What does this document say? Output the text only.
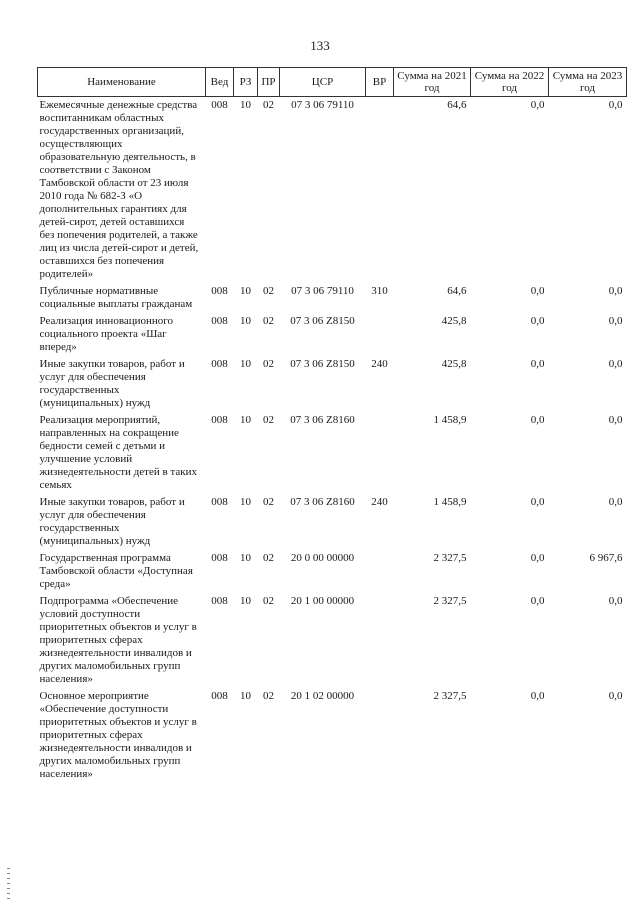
133
Наименование	Вед	РЗ	ПР	ЦСР	ВР	Сумма на 2021 год	Сумма на 2022 год	Сумма на 2023 год
Ежемесячные денежные средства воспитанникам областных государственных организаций, осуществляющих образовательную деятельность, в соответствии с Законом Тамбовской области от 23 июля 2010 года № 682-З «О дополнительных гарантиях для детей-сирот, детей оставшихся без попечения родителей, а также лиц из числа детей-сирот и детей, оставшихся без попечения родителей»	008	10	02	07 3 06 79110		64,6	0,0	0,0
Публичные нормативные социальные выплаты гражданам	008	10	02	07 3 06 79110	310	64,6	0,0	0,0
Реализация инновационного социального проекта «Шаг вперед»	008	10	02	07 3 06 Z8150		425,8	0,0	0,0
Иные закупки товаров, работ и услуг для обеспечения государственных (муниципальных) нужд	008	10	02	07 3 06 Z8150	240	425,8	0,0	0,0
Реализация мероприятий, направленных на сокращение бедности семей с детьми и улучшение условий жизнедеятельности детей в таких семьях	008	10	02	07 3 06 Z8160		1 458,9	0,0	0,0
Иные закупки товаров, работ и услуг для обеспечения государственных (муниципальных) нужд	008	10	02	07 3 06 Z8160	240	1 458,9	0,0	0,0
Государственная программа Тамбовской области «Доступная среда»	008	10	02	20 0 00 00000		2 327,5	0,0	6 967,6
Подпрограмма «Обеспечение условий доступности приоритетных объектов и услуг в приоритетных сферах жизнедеятельности инвалидов и других маломобильных групп населения»	008	10	02	20 1 00 00000		2 327,5	0,0	0,0
Основное мероприятие «Обеспечение доступности приоритетных объектов и услуг в приоритетных сферах жизнедеятельности инвалидов и других маломобильных групп населения»	008	10	02	20 1 02 00000		2 327,5	0,0	0,0
